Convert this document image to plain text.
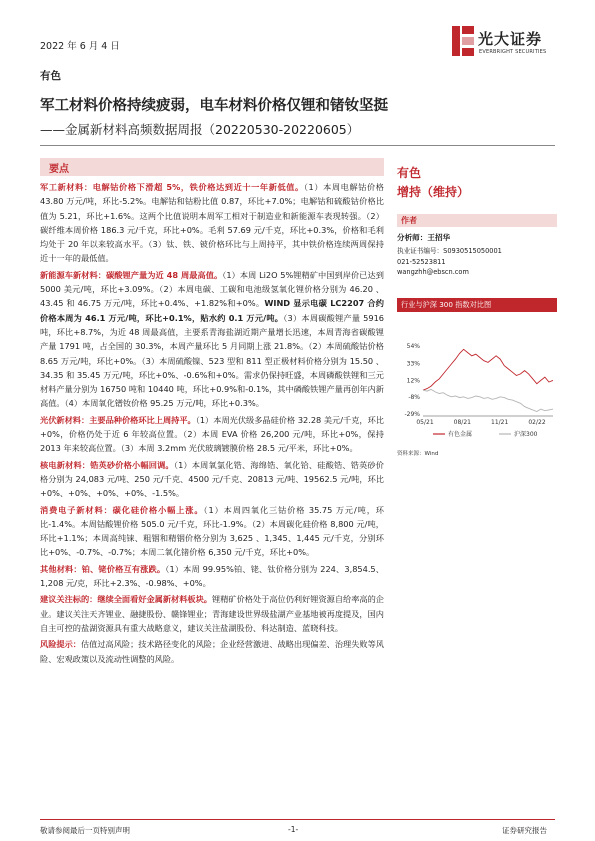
2022 年 6 月 4 日	光大证券
EVERBRIGHT SECURITIES
有色
军工材料价格持续疲弱，电车材料价格仅锂和锗钕坚挺
——金属新材料高频数据周报（20220530-20220605）
要点

军工新材料：电解钴价格下滑超 5%，铁价格达到近十一年新低值。（1）本周电解钴价格 43.80 万元/吨，环比-5.2%。电解钴和钴粉比值 0.87，环比+7.0%；电解钴和硫酸钴价格比值为 5.21，环比+1.6%。这两个比值说明本周军工相对于制造业和新能源车表现转强。（2）碳纤维本周价格 186.3 元/千克，环比+0%。毛利 57.69 元/千克，环比+0.3%，价格和毛利均处于 20 年以来较高水平。（3）钛、铁、铍价格环比与上周持平，其中铁价格连续两周保持近十一年的最低值。

新能源车新材料：碳酸锂产量为近 48 周最高值。（1）本周 Li2O 5%锂精矿中国到岸价已达到 5000 美元/吨，环比+3.09%。（2）本周电碳、工碳和电池级氢氧化锂价格分别为 46.20 、43.45 和 46.75 万元/吨，环比+0.4%、+1.82%和+0%。WIND 显示电碳 LC2207 合约价格本周为 46.1 万元/吨，环比+0.1%，贴水约 0.1 万元/吨。（3）本周碳酸锂产量 5916 吨，环比+8.7%，为近 48 周最高值，主要系青海盐湖近期产量增长迅速，本周青海省碳酸锂产量 1791 吨，占全国的 30.3%，本周产量环比 5 月同期上涨 21.8%。（2）本周硫酸钴价格 8.65 万元/吨，环比+0%。（3）本周硫酸镍、523 型和 811 型正极材料价格分别为 15.50 、34.35 和 35.45 万元/吨，环比+0%、-0.6%和+0%。需求仍保持旺盛，本周磷酸铁锂和三元材料产量分别为 16750 吨和 10440 吨，环比+0.9%和-0.1%，其中磷酸铁锂产量再创年内新高值。（4）本周氧化镨钕价格 95.25 万元/吨，环比+0.3%。

光伏新材料：主要品种价格环比上周持平。（1）本周光伏级多晶硅价格 32.28 美元/千克，环比+0%，价格仍处于近 6 年较高位置。（2）本周 EVA 价格 26,200 元/吨，环比+0%，保持 2013 年来较高位置。（3）本周 3.2mm 光伏玻璃镀膜价格 28.5 元/平米，环比+0%。

核电新材料：锆英砂价格小幅回调。（1）本周氧氯化锆、海绵锆、氧化铪、硅酸锆、锆英砂价格分别为 24,083 元/吨、250 元/千克、4500 元/千克、20813 元/吨、19562.5 元/吨，环比+0%、+0%、+0%、+0%、-1.5%。

消费电子新材料：碳化硅价格小幅上涨。（1）本周四氧化三钴价格 35.75 万元/吨，环比-1.4%。本周钴酸锂价格 505.0 元/千克，环比-1.9%。（2）本周碳化硅价格 8,800 元/吨，环比+1.1%；本周高纯铼、粗铟和精铟价格分别为 3,625 、1,345、1,445 元/千克，分别环比+0%、-0.7%、-0.7%；本周二氧化锗价格 6,350 元/千克，环比+0%。

其他材料：铂、铑价格互有涨跌。（1）本周 99.95%铂、铑、钛价格分别为 224、3,854.5、1,208 元/克，环比+2.3%、-0.98%、+0%。

建议关注标的：继续全面看好金属新材料板块。锂精矿价格处于高位仍利好锂资源自给率高的企业。建议关注天齐锂业、融捷股份、赣锋锂业；青海建设世界级盐湖产业基地被再度提及，国内自主可控的盐湖资源具有重大战略意义，建议关注盐湖股份、科达制造、蓝晓科技。

风险提示：估值过高风险；技术路径变化的风险；企业经营激进、战略出现偏差、治理失败等风险、宏观政策以及流动性调整的风险。

有色
增持（维持）
作者
分析师：王招华
执业证书编号：S0930515050001
021-52523811
wangzhh@ebscn.com
行业与沪深 300 指数对比图
54%
33%
12%
-8%
-29%
05/21	08/21	11/21	02/22
有色金属	沪深300
资料来源：Wind
敬请参阅最后一页特别声明	-1-	证券研究报告
